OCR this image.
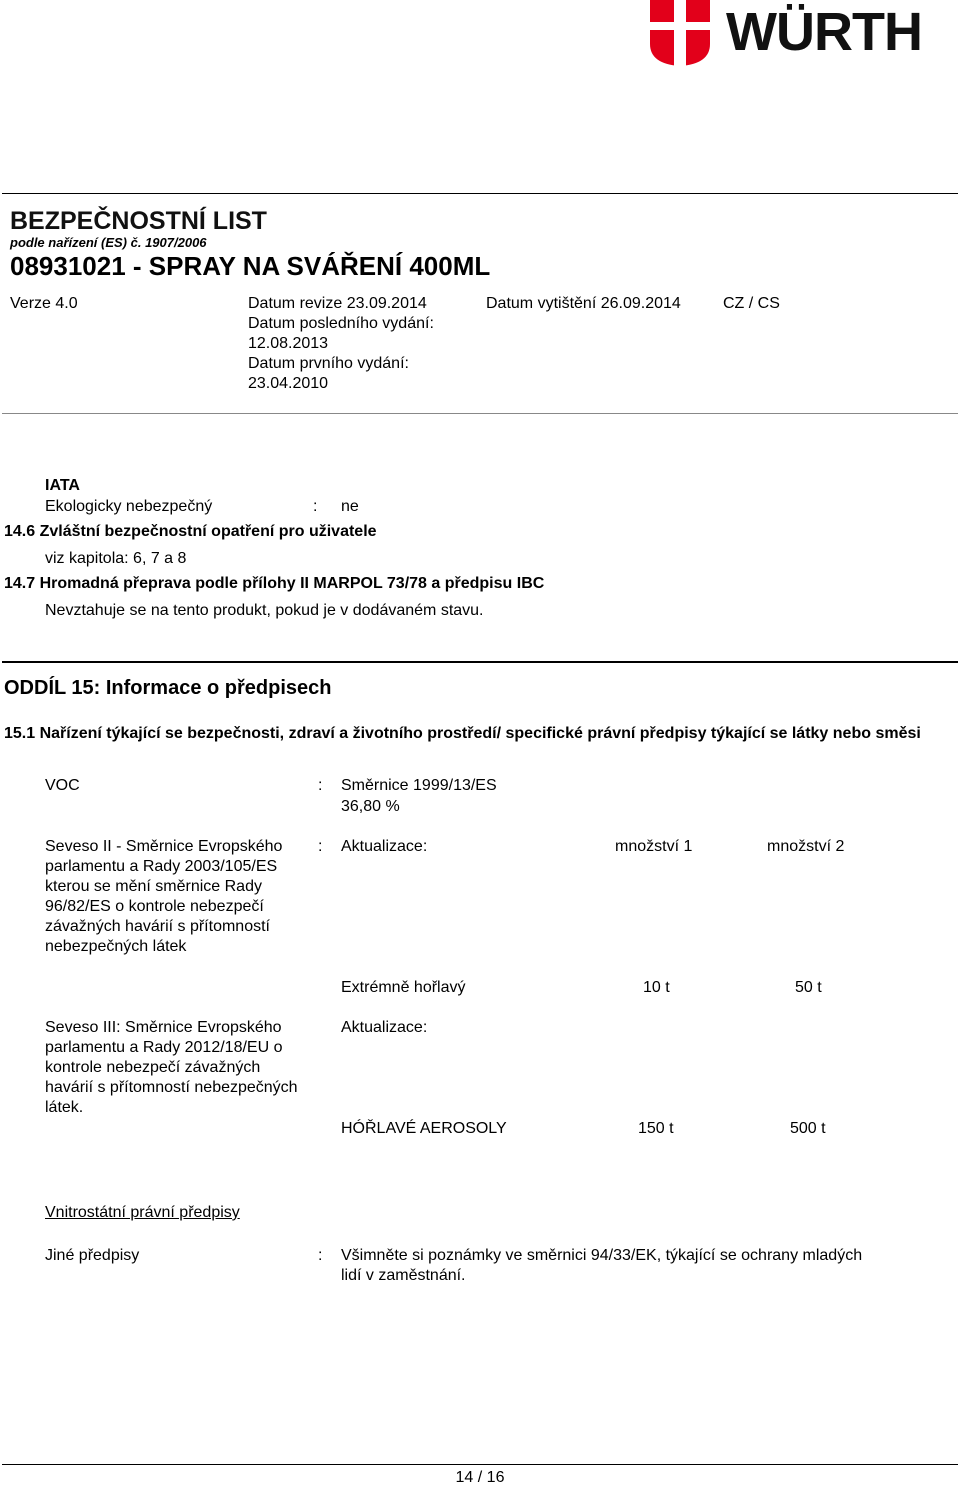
WÜRTH
BEZPEČNOSTNÍ LIST
podle nařízení (ES) č. 1907/2006
08931021 - SPRAY NA SVÁŘENÍ 400ML
Verze 4.0	Datum revize 23.09.2014
Datum posledního vydání:
12.08.2013
Datum prvního vydání:
23.04.2010
Datum vytištění 26.09.2014	CZ / CS
IATA
Ekologicky nebezpečný	: ne
14.6 Zvláštní bezpečnostní opatření pro uživatele
viz kapitola: 6, 7 a 8
14.7 Hromadná přeprava podle přílohy II MARPOL 73/78 a předpisu IBC
Nevztahuje se na tento produkt, pokud je v dodávaném stavu.
ODDÍL 15: Informace o předpisech
15.1 Nařízení týkající se bezpečnosti, zdraví a životního prostředí/ specifické právní předpisy týkající se látky nebo směsi
VOC	: Směrnice 1999/13/ES
36,80 %
Seveso II - Směrnice Evropského parlamentu a Rady 2003/105/ES kterou se mění směrnice Rady 96/82/ES o kontrole nebezpečí závažných havárií s přítomností nebezpečných látek
: Aktualizace:	množství 1	množství 2
Extrémně hořlavý	10 t	50 t
Seveso III: Směrnice Evropského parlamentu a Rady 2012/18/EU o kontrole nebezpečí závažných havárií s přítomností nebezpečných látek.
Aktualizace:
HÓŘLAVÉ AEROSOLY	150 t	500 t
Vnitrostátní právní předpisy
Jiné předpisy	: Všimněte si poznámky ve směrnici 94/33/EK, týkající se ochrany mladých lidí v zaměstnání.
14 / 16
